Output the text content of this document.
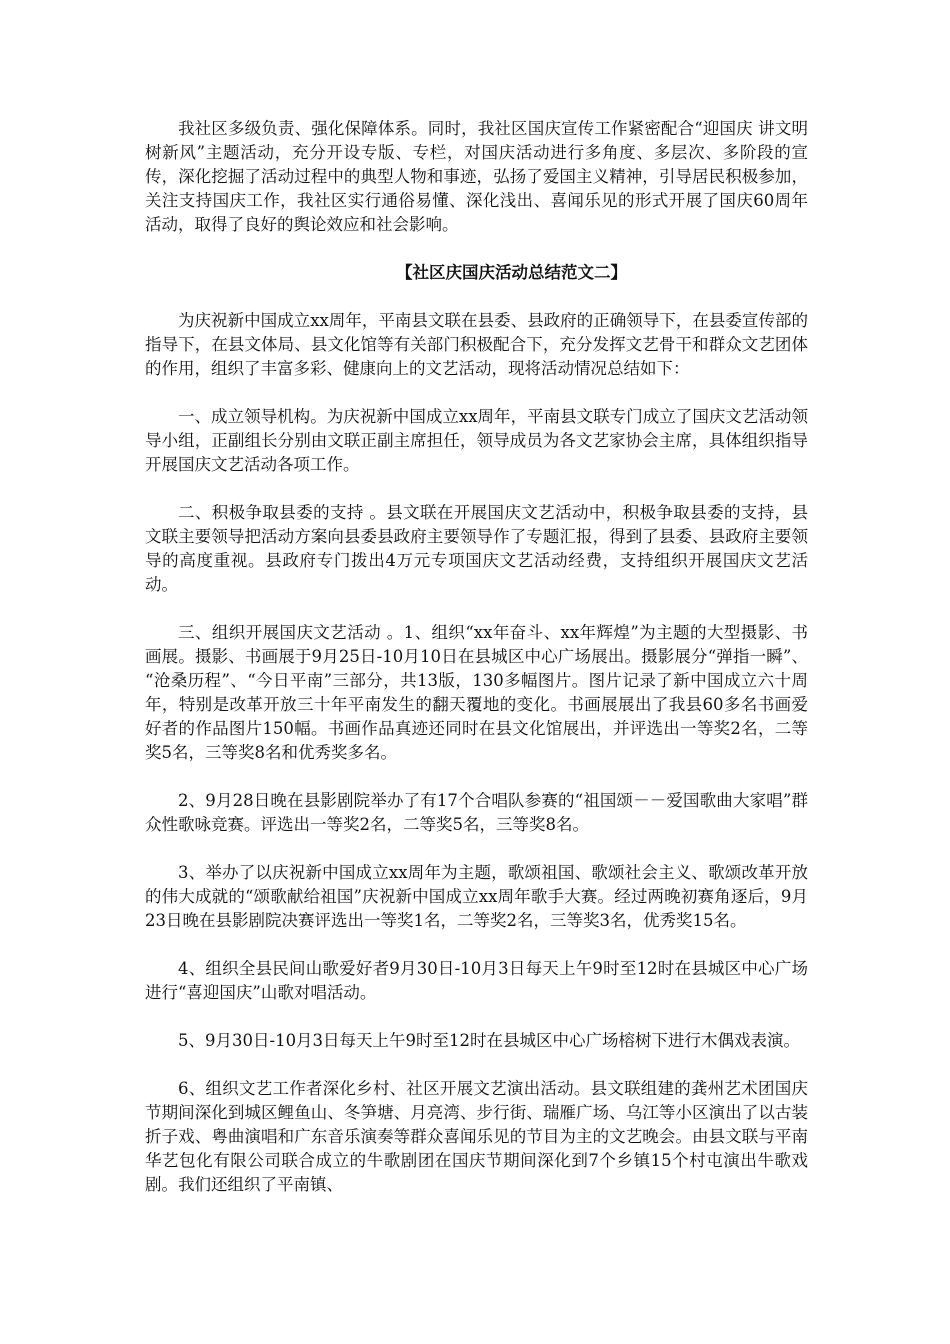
我社区多级负责、强化保障体系。同时，我社区国庆宣传工作紧密配合“迎国庆 讲文明 树新风”主题活动，充分开设专版、专栏，对国庆活动进行多角度、多层次、多阶段的宣传，深化挖掘了活动过程中的典型人物和事迹，弘扬了爱国主义精神，引导居民积极参加，关注支持国庆工作，我社区实行通俗易懂、深化浅出、喜闻乐见的形式开展了国庆60周年活动，取得了良好的舆论效应和社会影响。

【社区庆国庆活动总结范文二】

为庆祝新中国成立xx周年，平南县文联在县委、县政府的正确领导下，在县委宣传部的指导下，在县文体局、县文化馆等有关部门积极配合下，充分发挥文艺骨干和群众文艺团体的作用，组织了丰富多彩、健康向上的文艺活动，现将活动情况总结如下：

一、成立领导机构。为庆祝新中国成立xx周年，平南县文联专门成立了国庆文艺活动领导小组，正副组长分别由文联正副主席担任，领导成员为各文艺家协会主席，具体组织指导开展国庆文艺活动各项工作。

二、积极争取县委的支持 。县文联在开展国庆文艺活动中，积极争取县委的支持，县文联主要领导把活动方案向县委县政府主要领导作了专题汇报，得到了县委、县政府主要领导的高度重视。县政府专门拨出4万元专项国庆文艺活动经费，支持组织开展国庆文艺活动。

三、组织开展国庆文艺活动 。1、组织“xx年奋斗、xx年辉煌”为主题的大型摄影、书画展。摄影、书画展于9月25日-10月10日在县城区中心广场展出。摄影展分“弹指一瞬”、 “沧桑历程”、“今日平南”三部分，共13版，130多幅图片。图片记录了新中国成立六十周年，特别是改革开放三十年平南发生的翻天覆地的变化。书画展展出了我县60多名书画爱好者的作品图片150幅。书画作品真迹还同时在县文化馆展出，并评选出一等奖2名，二等奖5名，三等奖8名和优秀奖多名。

2、9月28日晚在县影剧院举办了有17个合唱队参赛的“祖国颂－－爱国歌曲大家唱”群众性歌咏竞赛。评选出一等奖2名，二等奖5名，三等奖8名。

3、举办了以庆祝新中国成立xx周年为主题，歌颂祖国、歌颂社会主义、歌颂改革开放的伟大成就的“颂歌献给祖国”庆祝新中国成立xx周年歌手大赛。经过两晚初赛角逐后，9月23日晚在县影剧院决赛评选出一等奖1名，二等奖2名，三等奖3名，优秀奖15名。

4、组织全县民间山歌爱好者9月30日-10月3日每天上午9时至12时在县城区中心广场进行“喜迎国庆”山歌对唱活动。

5、9月30日-10月3日每天上午9时至12时在县城区中心广场榕树下进行木偶戏表演。

6、组织文艺工作者深化乡村、社区开展文艺演出活动。县文联组建的龚州艺术团国庆节期间深化到城区鲤鱼山、冬笋塘、月亮湾、步行街、瑞雁广场、乌江等小区演出了以古装折子戏、粤曲演唱和广东音乐演奏等群众喜闻乐见的节目为主的文艺晚会。由县文联与平南华艺包化有限公司联合成立的牛歌剧团在国庆节期间深化到7个乡镇15个村屯演出牛歌戏剧。我们还组织了平南镇、
